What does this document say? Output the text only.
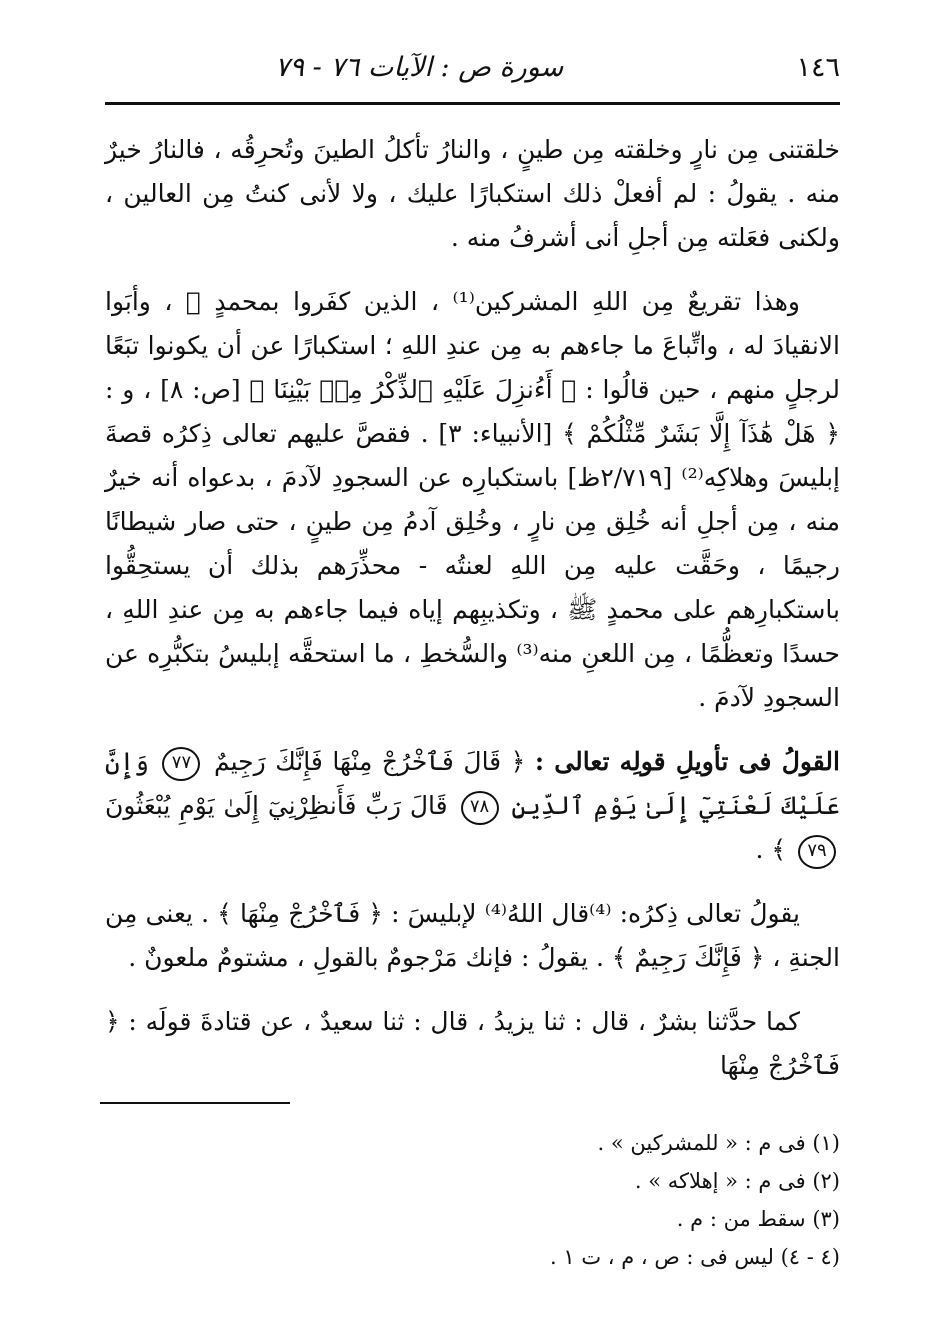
١٤٦
سورة ص : الآيات ٧٦ - ٧٩

خلقتنى مِن نارٍ وخلقته مِن طينٍ ، والنارُ تأكلُ الطينَ وتُحرِقُه ، فالنارُ خيرٌ منه . يقولُ : لم أفعلْ ذلك استكبارًا عليك ، ولا لأنى كنتُ مِن العالين ، ولكنى فعَلته مِن أجلِ أنى أشرفُ منه .

وهذا تقريعٌ مِن اللهِ المشركين⁽¹⁾ ، الذين كفَروا بمحمدٍ ﷺ ، وأبَوا الانقيادَ له ، واتِّباعَ ما جاءهم به مِن عندِ اللهِ ؛ استكبارًا عن أن يكونوا تبَعًا لرجلٍ منهم ، حين قالُوا : ﴿ أَءُنزِلَ عَلَيْهِ ٱلذِّكْرُ مِنۢ بَيْنِنَا ﴾ [ص: ٨] ، و : ﴿ هَلْ هَٰذَآ إِلَّا بَشَرٌ مِّثْلُكُمْ ﴾ [الأنبياء: ٣] . فقصَّ عليهم تعالى ذِكرُه قصةَ إبليسَ وهلاكِه⁽²⁾ [٢/٧١٩ظ] باستكبارِه عن السجودِ لآدمَ ، بدعواه أنه خيرٌ منه ، مِن أجلِ أنه خُلِق مِن نارٍ ، وخُلِق آدمُ مِن طينٍ ، حتى صار شيطانًا رجيمًا ، وحَقَّت عليه مِن اللهِ لعنتُه - محذِّرَهم بذلك أن يستحِقُّوا باستكبارِهم على محمدٍ ﷺ ، وتكذيبِهم إياه فيما جاءهم به مِن عندِ اللهِ ، حسدًا وتعظُّمًا ، مِن اللعنِ منه⁽³⁾ والسُّخطِ ، ما استحقَّه إبليسُ بتكبُّرِه عن السجودِ لآدمَ .

القولُ فى تأويلِ قولِه تعالى : ﴿ قَالَ فَٱخْرُجْ مِنْهَا فَإِنَّكَ رَجِيمٌ ٧٧ وَإِنَّ عَلَيْكَ لَعْنَتِيٓ إِلَىٰ يَوْمِ ٱلدِّينِ ٧٨ قَالَ رَبِّ فَأَنظِرْنِيٓ إِلَىٰ يَوْمِ يُبْعَثُونَ ٧٩ ﴾ .

يقولُ تعالى ذِكرُه: ⁽⁴⁾قال اللهُ⁽⁴⁾ لإبليسَ : ﴿ فَٱخْرُجْ مِنْهَا ﴾ . يعنى مِن الجنةِ ، ﴿ فَإِنَّكَ رَجِيمٌ ﴾ . يقولُ : فإنك مَرْجومٌ بالقولِ ، مشتومٌ ملعونٌ .

كما حدَّثنا بشرٌ ، قال : ثنا يزيدُ ، قال : ثنا سعيدٌ ، عن قتادةَ قولَه : ﴿ فَٱخْرُجْ مِنْهَا

(١) فى م : « للمشركين » .

(٢) فى م : « إهلاكه » .

(٣) سقط من : م .

(٤ - ٤) ليس فى : ص ، م ، ت ١ .
